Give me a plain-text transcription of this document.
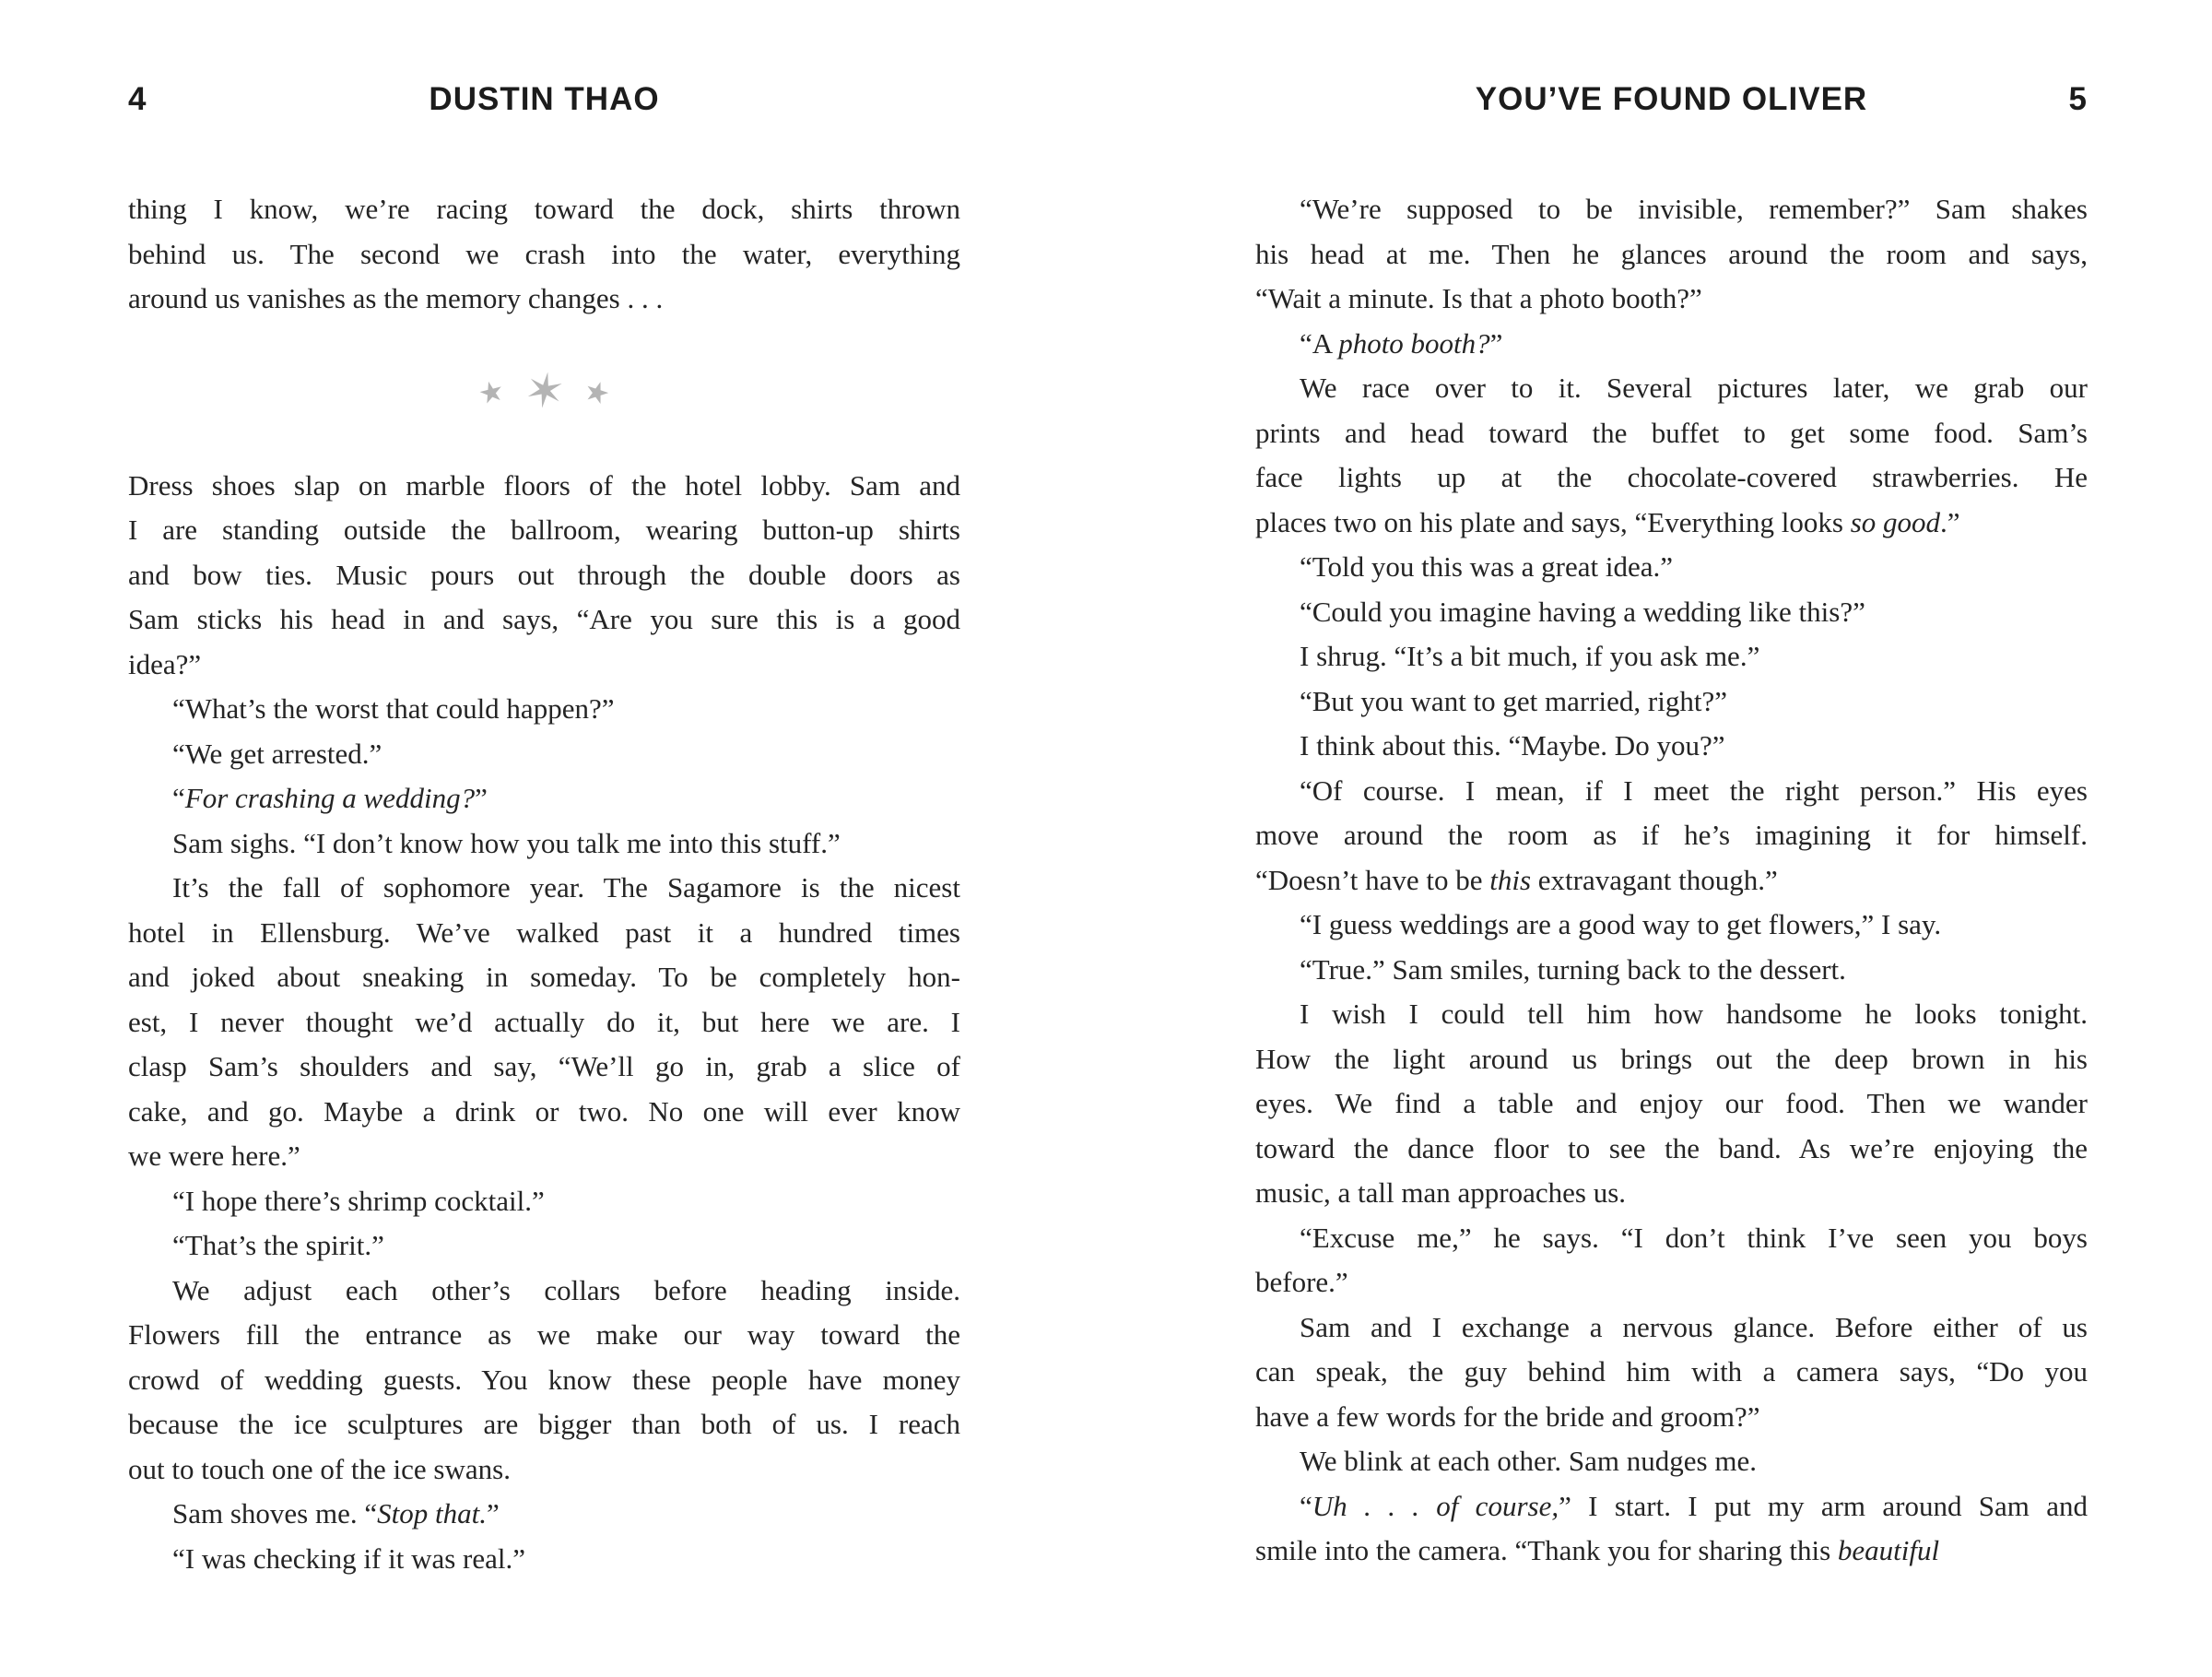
4	DUSTIN THAO	YOU’VE FOUND OLIVER	5
thing I know, we’re racing toward the dock, shirts thrown
behind us. The second we crash into the water, everything
around us vanishes as the memory changes . . .
★ ✶ ★
Dress shoes slap on marble floors of the hotel lobby. Sam and
I are standing outside the ballroom, wearing button-up shirts
and bow ties. Music pours out through the double doors as
Sam sticks his head in and says, “Are you sure this is a good
idea?”
“What’s the worst that could happen?”
“We get arrested.”
“For crashing a wedding?”
Sam sighs. “I don’t know how you talk me into this stuff.”
It’s the fall of sophomore year. The Sagamore is the nicest
hotel in Ellensburg. We’ve walked past it a hundred times
and joked about sneaking in someday. To be completely hon-
est, I never thought we’d actually do it, but here we are. I
clasp Sam’s shoulders and say, “We’ll go in, grab a slice of
cake, and go. Maybe a drink or two. No one will ever know
we were here.”
“I hope there’s shrimp cocktail.”
“That’s the spirit.”
We adjust each other’s collars before heading inside.
Flowers fill the entrance as we make our way toward the
crowd of wedding guests. You know these people have money
because the ice sculptures are bigger than both of us. I reach
out to touch one of the ice swans.
Sam shoves me. “Stop that.”
“I was checking if it was real.”
“We’re supposed to be invisible, remember?” Sam shakes
his head at me. Then he glances around the room and says,
“Wait a minute. Is that a photo booth?”
“A photo booth?”
We race over to it. Several pictures later, we grab our
prints and head toward the buffet to get some food. Sam’s
face lights up at the chocolate-covered strawberries. He
places two on his plate and says, “Everything looks so good.”
“Told you this was a great idea.”
“Could you imagine having a wedding like this?”
I shrug. “It’s a bit much, if you ask me.”
“But you want to get married, right?”
I think about this. “Maybe. Do you?”
“Of course. I mean, if I meet the right person.” His eyes
move around the room as if he’s imagining it for himself.
“Doesn’t have to be this extravagant though.”
“I guess weddings are a good way to get flowers,” I say.
“True.” Sam smiles, turning back to the dessert.
I wish I could tell him how handsome he looks tonight.
How the light around us brings out the deep brown in his
eyes. We find a table and enjoy our food. Then we wander
toward the dance floor to see the band. As we’re enjoying the
music, a tall man approaches us.
“Excuse me,” he says. “I don’t think I’ve seen you boys
before.”
Sam and I exchange a nervous glance. Before either of us
can speak, the guy behind him with a camera says, “Do you
have a few words for the bride and groom?”
We blink at each other. Sam nudges me.
“Uh . . . of course,” I start. I put my arm around Sam and
smile into the camera. “Thank you for sharing this beautiful
